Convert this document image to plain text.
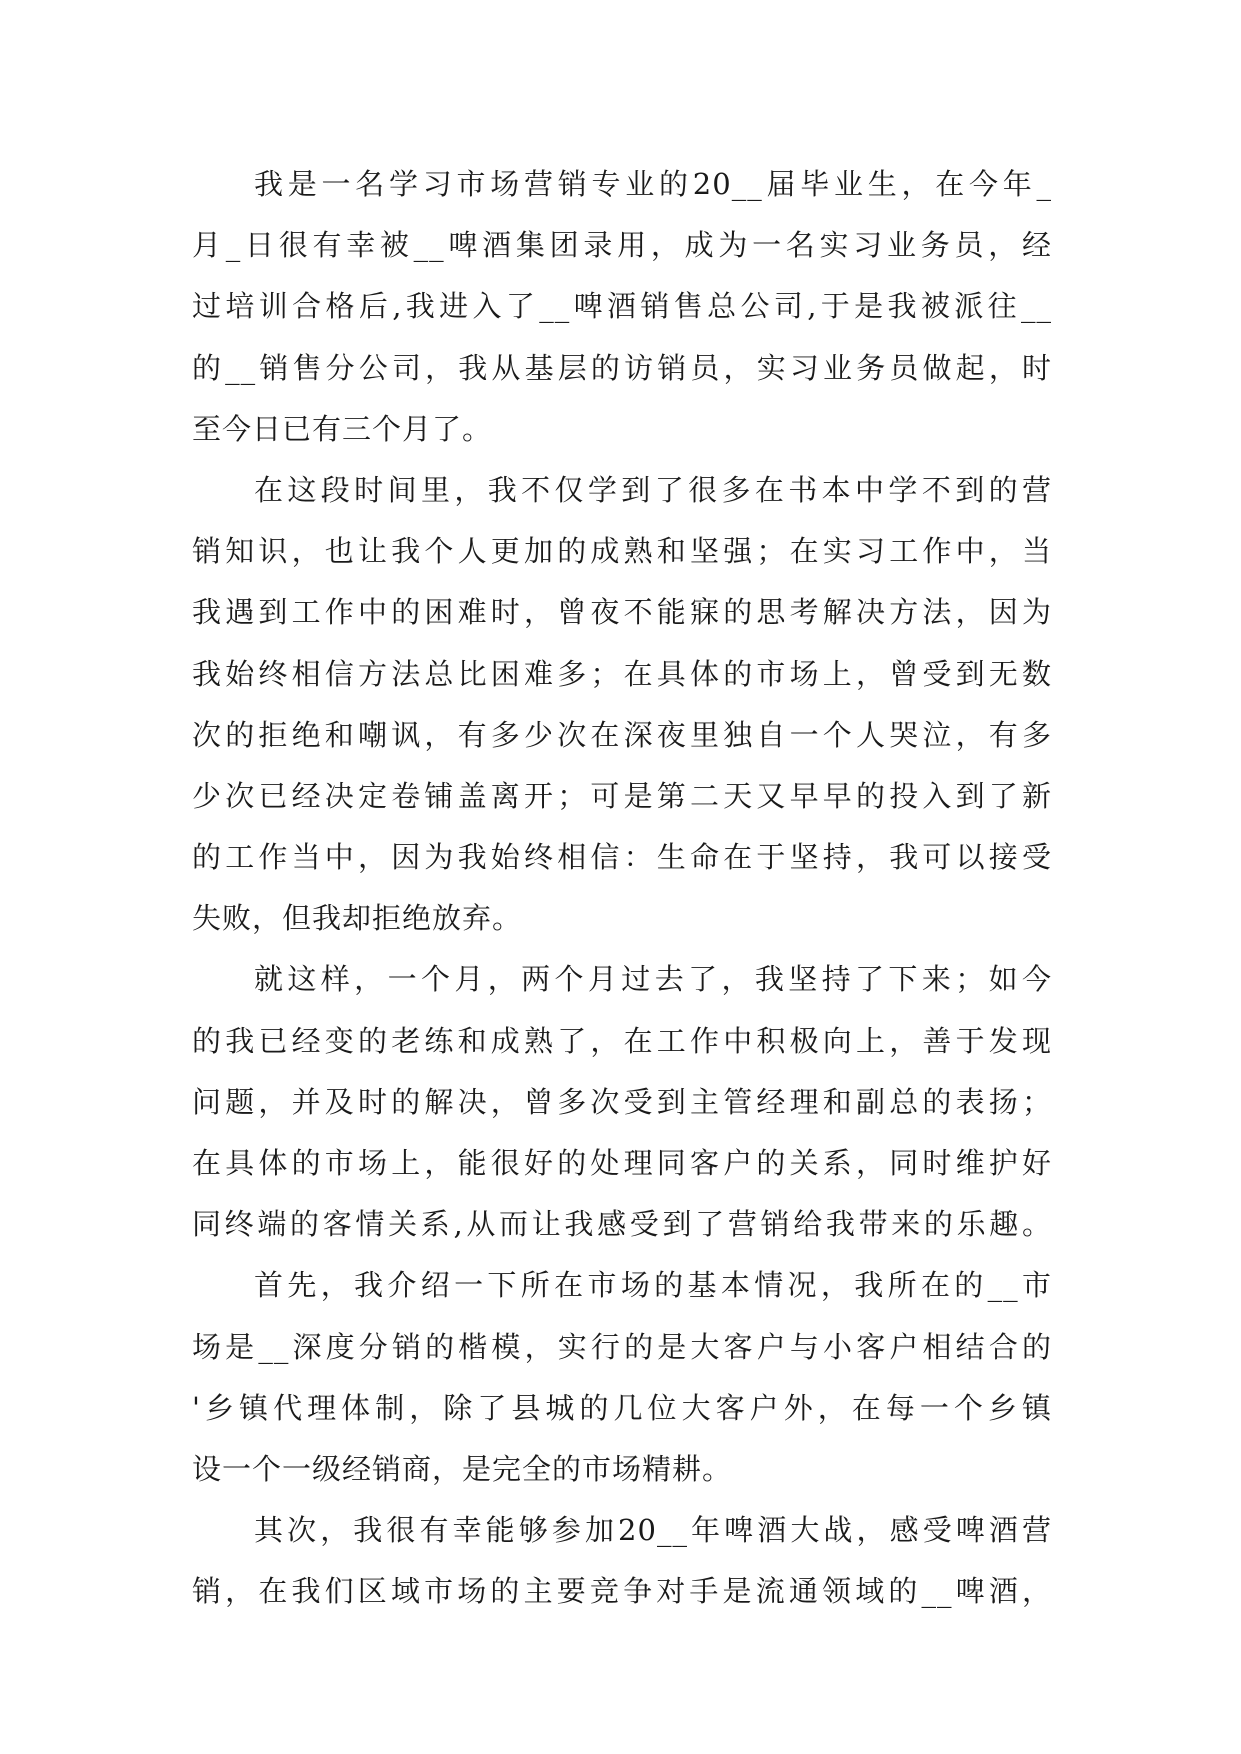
我是一名学习市场营销专业的20__届毕业生，在今年_
月_日很有幸被__啤酒集团录用，成为一名实习业务员，经
过培训合格后,我进入了__啤酒销售总公司,于是我被派往__
的__销售分公司，我从基层的访销员，实习业务员做起，时
至今日已有三个月了。
在这段时间里，我不仅学到了很多在书本中学不到的营
销知识，也让我个人更加的成熟和坚强；在实习工作中，当
我遇到工作中的困难时，曾夜不能寐的思考解决方法，因为
我始终相信方法总比困难多；在具体的市场上，曾受到无数
次的拒绝和嘲讽，有多少次在深夜里独自一个人哭泣，有多
少次已经决定卷铺盖离开；可是第二天又早早的投入到了新
的工作当中，因为我始终相信：生命在于坚持，我可以接受
失败，但我却拒绝放弃。
就这样，一个月，两个月过去了，我坚持了下来；如今
的我已经变的老练和成熟了，在工作中积极向上，善于发现
问题，并及时的解决，曾多次受到主管经理和副总的表扬；
在具体的市场上，能很好的处理同客户的关系，同时维护好
同终端的客情关系,从而让我感受到了营销给我带来的乐趣。
首先，我介绍一下所在市场的基本情况，我所在的__市
场是__深度分销的楷模，实行的是大客户与小客户相结合的
'乡镇代理体制，除了县城的几位大客户外，在每一个乡镇
设一个一级经销商，是完全的市场精耕。
其次，我很有幸能够参加20__年啤酒大战，感受啤酒营
销，在我们区域市场的主要竞争对手是流通领域的__啤酒，
